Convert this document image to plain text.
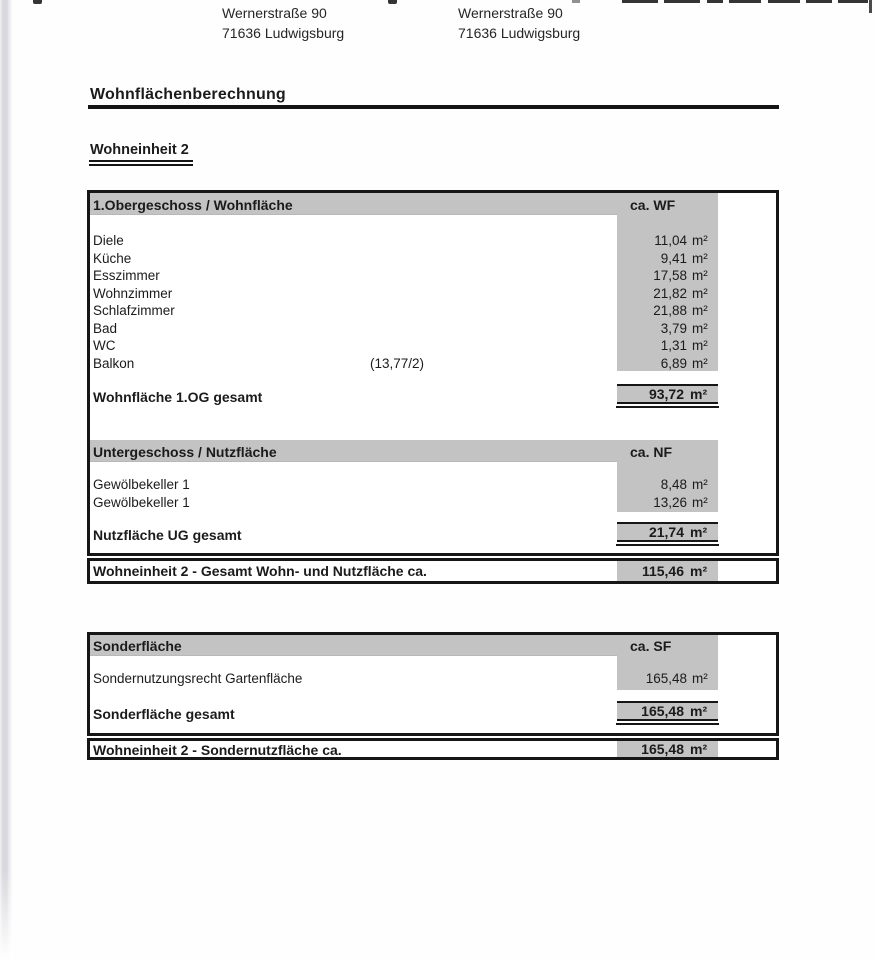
Wernerstraße 90
71636 Ludwigsburg
Wernerstraße 90
71636 Ludwigsburg
Wohnflächenberechnung
Wohneinheit 2
1.Obergeschoss / Wohnfläche	ca. WF
Diele	11,04 m²
Küche	9,41 m²
Esszimmer	17,58 m²
Wohnzimmer	21,82 m²
Schlafzimmer	21,88 m²
Bad	3,79 m²
WC	1,31 m²
Balkon	(13,77/2)	6,89 m²
Wohnfläche 1.OG gesamt	93,72 m²
Untergeschoss / Nutzfläche	ca. NF
Gewölbekeller 1	8,48 m²
Gewölbekeller 1	13,26 m²
Nutzfläche UG gesamt	21,74 m²
Wohneinheit 2 - Gesamt Wohn- und Nutzfläche ca.	115,46 m²
Sonderfläche	ca. SF
Sondernutzungsrecht Gartenfläche	165,48 m²
Sonderfläche gesamt	165,48 m²
Wohneinheit 2 - Sondernutzfläche ca.	165,48 m²
